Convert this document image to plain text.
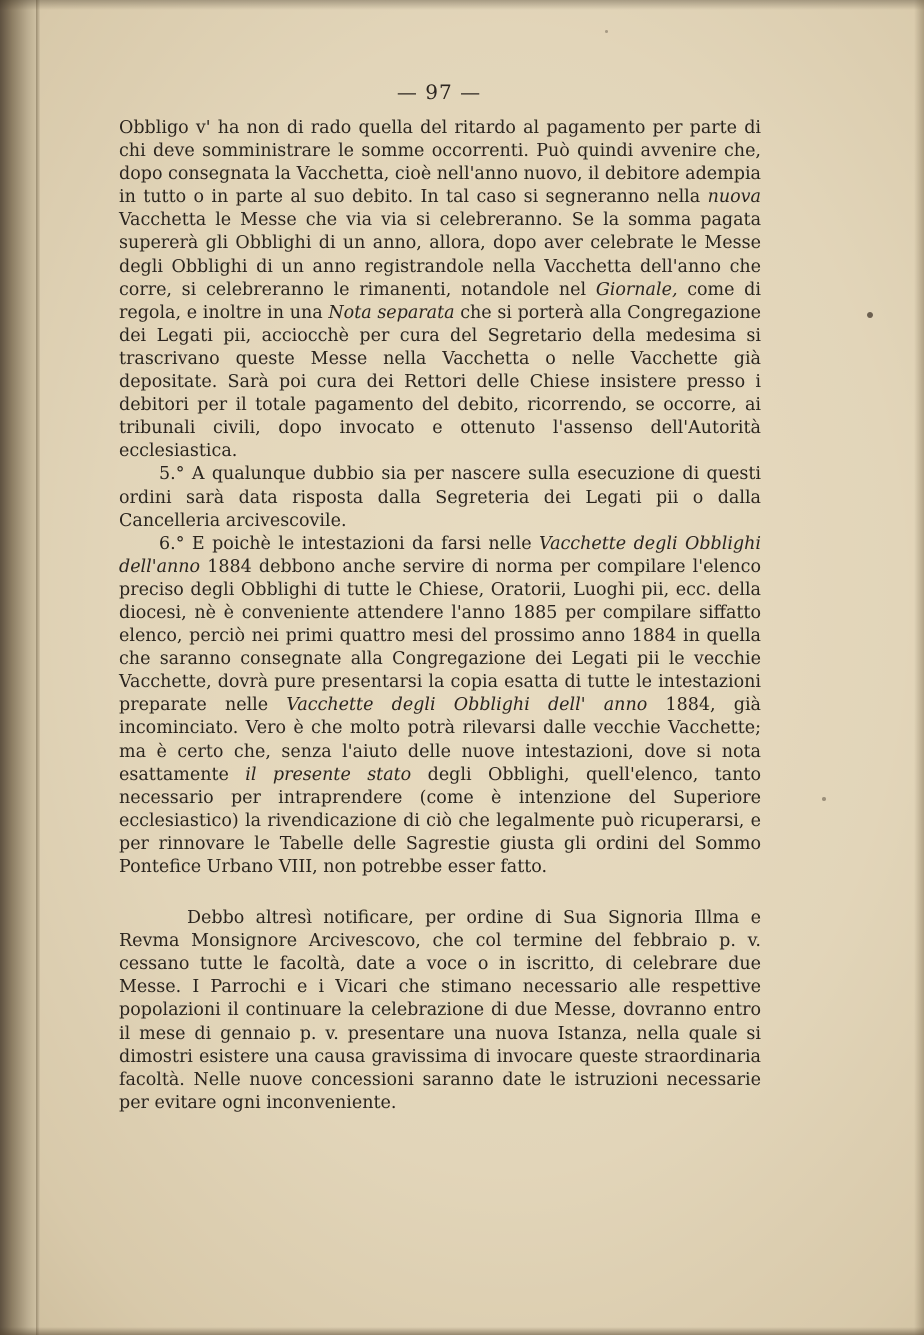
— 97 —

Obbligo v' ha non di rado quella del ritardo al pagamento per parte di chi deve somministrare le somme occorrenti. Può quindi avvenire che, dopo consegnata la Vacchetta, cioè nell'anno nuovo, il debitore adempia in tutto o in parte al suo debito. In tal caso si segneranno nella nuova Vacchetta le Messe che via via si celebreranno. Se la somma pagata supererà gli Obblighi di un anno, allora, dopo aver celebrate le Messe degli Obblighi di un anno registrandole nella Vacchetta dell'anno che corre, si celebreranno le rimanenti, notandole nel Giornale, come di regola, e inoltre in una Nota separata che si porterà alla Congregazione dei Legati pii, acciocchè per cura del Segretario della medesima si trascrivano queste Messe nella Vacchetta o nelle Vacchette già depositate. Sarà poi cura dei Rettori delle Chiese insistere presso i debitori per il totale pagamento del debito, ricorrendo, se occorre, ai tribunali civili, dopo invocato e ottenuto l'assenso dell'Autorità ecclesiastica.

5.° A qualunque dubbio sia per nascere sulla esecuzione di questi ordini sarà data risposta dalla Segreteria dei Legati pii o dalla Cancelleria arcivescovile.

6.° E poichè le intestazioni da farsi nelle Vacchette degli Obblighi dell'anno 1884 debbono anche servire di norma per compilare l'elenco preciso degli Obblighi di tutte le Chiese, Oratorii, Luoghi pii, ecc. della diocesi, nè è conveniente attendere l'anno 1885 per compilare siffatto elenco, perciò nei primi quattro mesi del prossimo anno 1884 in quella che saranno consegnate alla Congregazione dei Legati pii le vecchie Vacchette, dovrà pure presentarsi la copia esatta di tutte le intestazioni preparate nelle Vacchette degli Obblighi dell' anno 1884, già incominciato. Vero è che molto potrà rilevarsi dalle vecchie Vacchette; ma è certo che, senza l'aiuto delle nuove intestazioni, dove si nota esattamente il presente stato degli Obblighi, quell'elenco, tanto necessario per intraprendere (come è intenzione del Superiore ecclesiastico) la rivendicazione di ciò che legalmente può ricuperarsi, e per rinnovare le Tabelle delle Sagrestie giusta gli ordini del Sommo Pontefice Urbano VIII, non potrebbe esser fatto.

Debbo altresì notificare, per ordine di Sua Signoria Illma e Revma Monsignore Arcivescovo, che col termine del febbraio p. v. cessano tutte le facoltà, date a voce o in iscritto, di celebrare due Messe. I Parrochi e i Vicari che stimano necessario alle respettive popolazioni il continuare la celebrazione di due Messe, dovranno entro il mese di gennaio p. v. presentare una nuova Istanza, nella quale si dimostri esistere una causa gravissima di invocare queste straordinaria facoltà. Nelle nuove concessioni saranno date le istruzioni necessarie per evitare ogni inconveniente.
